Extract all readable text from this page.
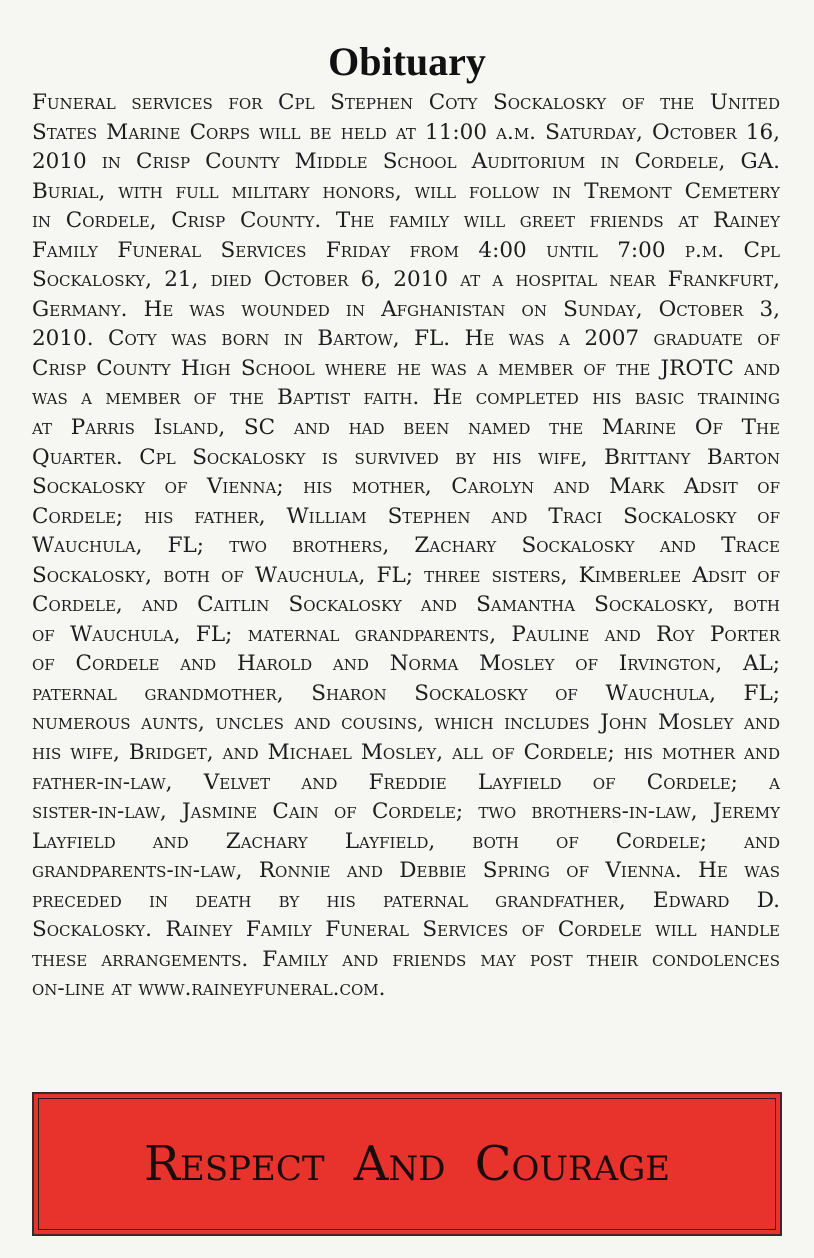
Obituary
Funeral services for Cpl Stephen Coty Sockalosky of the United
States Marine Corps will be held at 11:00 a.m. Saturday, October 16,
2010 in Crisp County Middle School Auditorium in Cordele, GA.
Burial, with full military honors, will follow in Tremont Cemetery
in Cordele, Crisp County. The family will greet friends at Rainey
Family Funeral Services Friday from 4:00 until 7:00 p.m. Cpl
Sockalosky, 21, died October 6, 2010 at a hospital near Frankfurt,
Germany. He was wounded in Afghanistan on Sunday, October 3,
2010. Coty was born in Bartow, FL. He was a 2007 graduate of
Crisp County High School where he was a member of the JROTC and
was a member of the Baptist faith. He completed his basic training
at Parris Island, SC and had been named the Marine Of The
Quarter. Cpl Sockalosky is survived by his wife, Brittany Barton
Sockalosky of Vienna; his mother, Carolyn and Mark Adsit of
Cordele; his father, William Stephen and Traci Sockalosky of
Wauchula, FL; two brothers, Zachary Sockalosky and Trace
Sockalosky, both of Wauchula, FL; three sisters, Kimberlee Adsit of
Cordele, and Caitlin Sockalosky and Samantha Sockalosky, both
of Wauchula, FL; maternal grandparents, Pauline and Roy Porter
of Cordele and Harold and Norma Mosley of Irvington, AL;
paternal grandmother, Sharon Sockalosky of Wauchula, FL;
numerous aunts, uncles and cousins, which includes John Mosley and
his wife, Bridget, and Michael Mosley, all of Cordele; his mother and
father-in-law, Velvet and Freddie Layfield of Cordele; a
sister-in-law, Jasmine Cain of Cordele; two brothers-in-law, Jeremy
Layfield and Zachary Layfield, both of Cordele; and
grandparents-in-law, Ronnie and Debbie Spring of Vienna. He was
preceded in death by his paternal grandfather, Edward D.
Sockalosky. Rainey Family Funeral Services of Cordele will handle
these arrangements. Family and friends may post their condolences
on-line at www.raineyfuneral.com.
Respect And Courage
